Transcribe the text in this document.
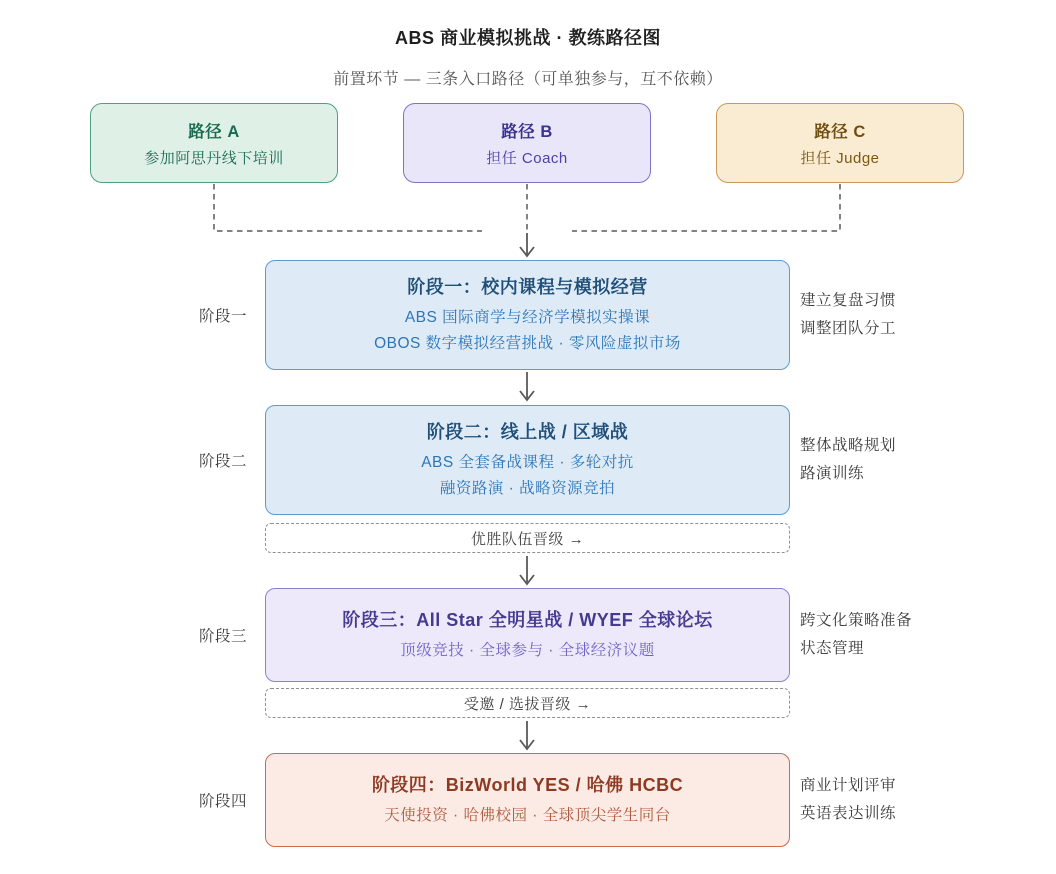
ABS 商业模拟挑战 · 教练路径图
前置环节 — 三条入口路径（可单独参与，互不依赖）
路径 A
参加阿思丹线下培训
路径 B
担任 Coach
路径 C
担任 Judge
阶段一
阶段一：校内课程与模拟经营
ABS 国际商学与经济学模拟实操课
OBOS 数字模拟经营挑战 · 零风险虚拟市场
建立复盘习惯
调整团队分工
阶段二
阶段二：线上战 / 区域战
ABS 全套备战课程 · 多轮对抗
融资路演 · 战略资源竞拍
整体战略规划
路演训练
优胜队伍晋级 →
阶段三
阶段三：All Star 全明星战 / WYEF 全球论坛
顶级竞技 · 全球参与 · 全球经济议题
跨文化策略准备
状态管理
受邀 / 选拔晋级 →
阶段四
阶段四：BizWorld YES / 哈佛 HCBC
天使投资 · 哈佛校园 · 全球顶尖学生同台
商业计划评审
英语表达训练
